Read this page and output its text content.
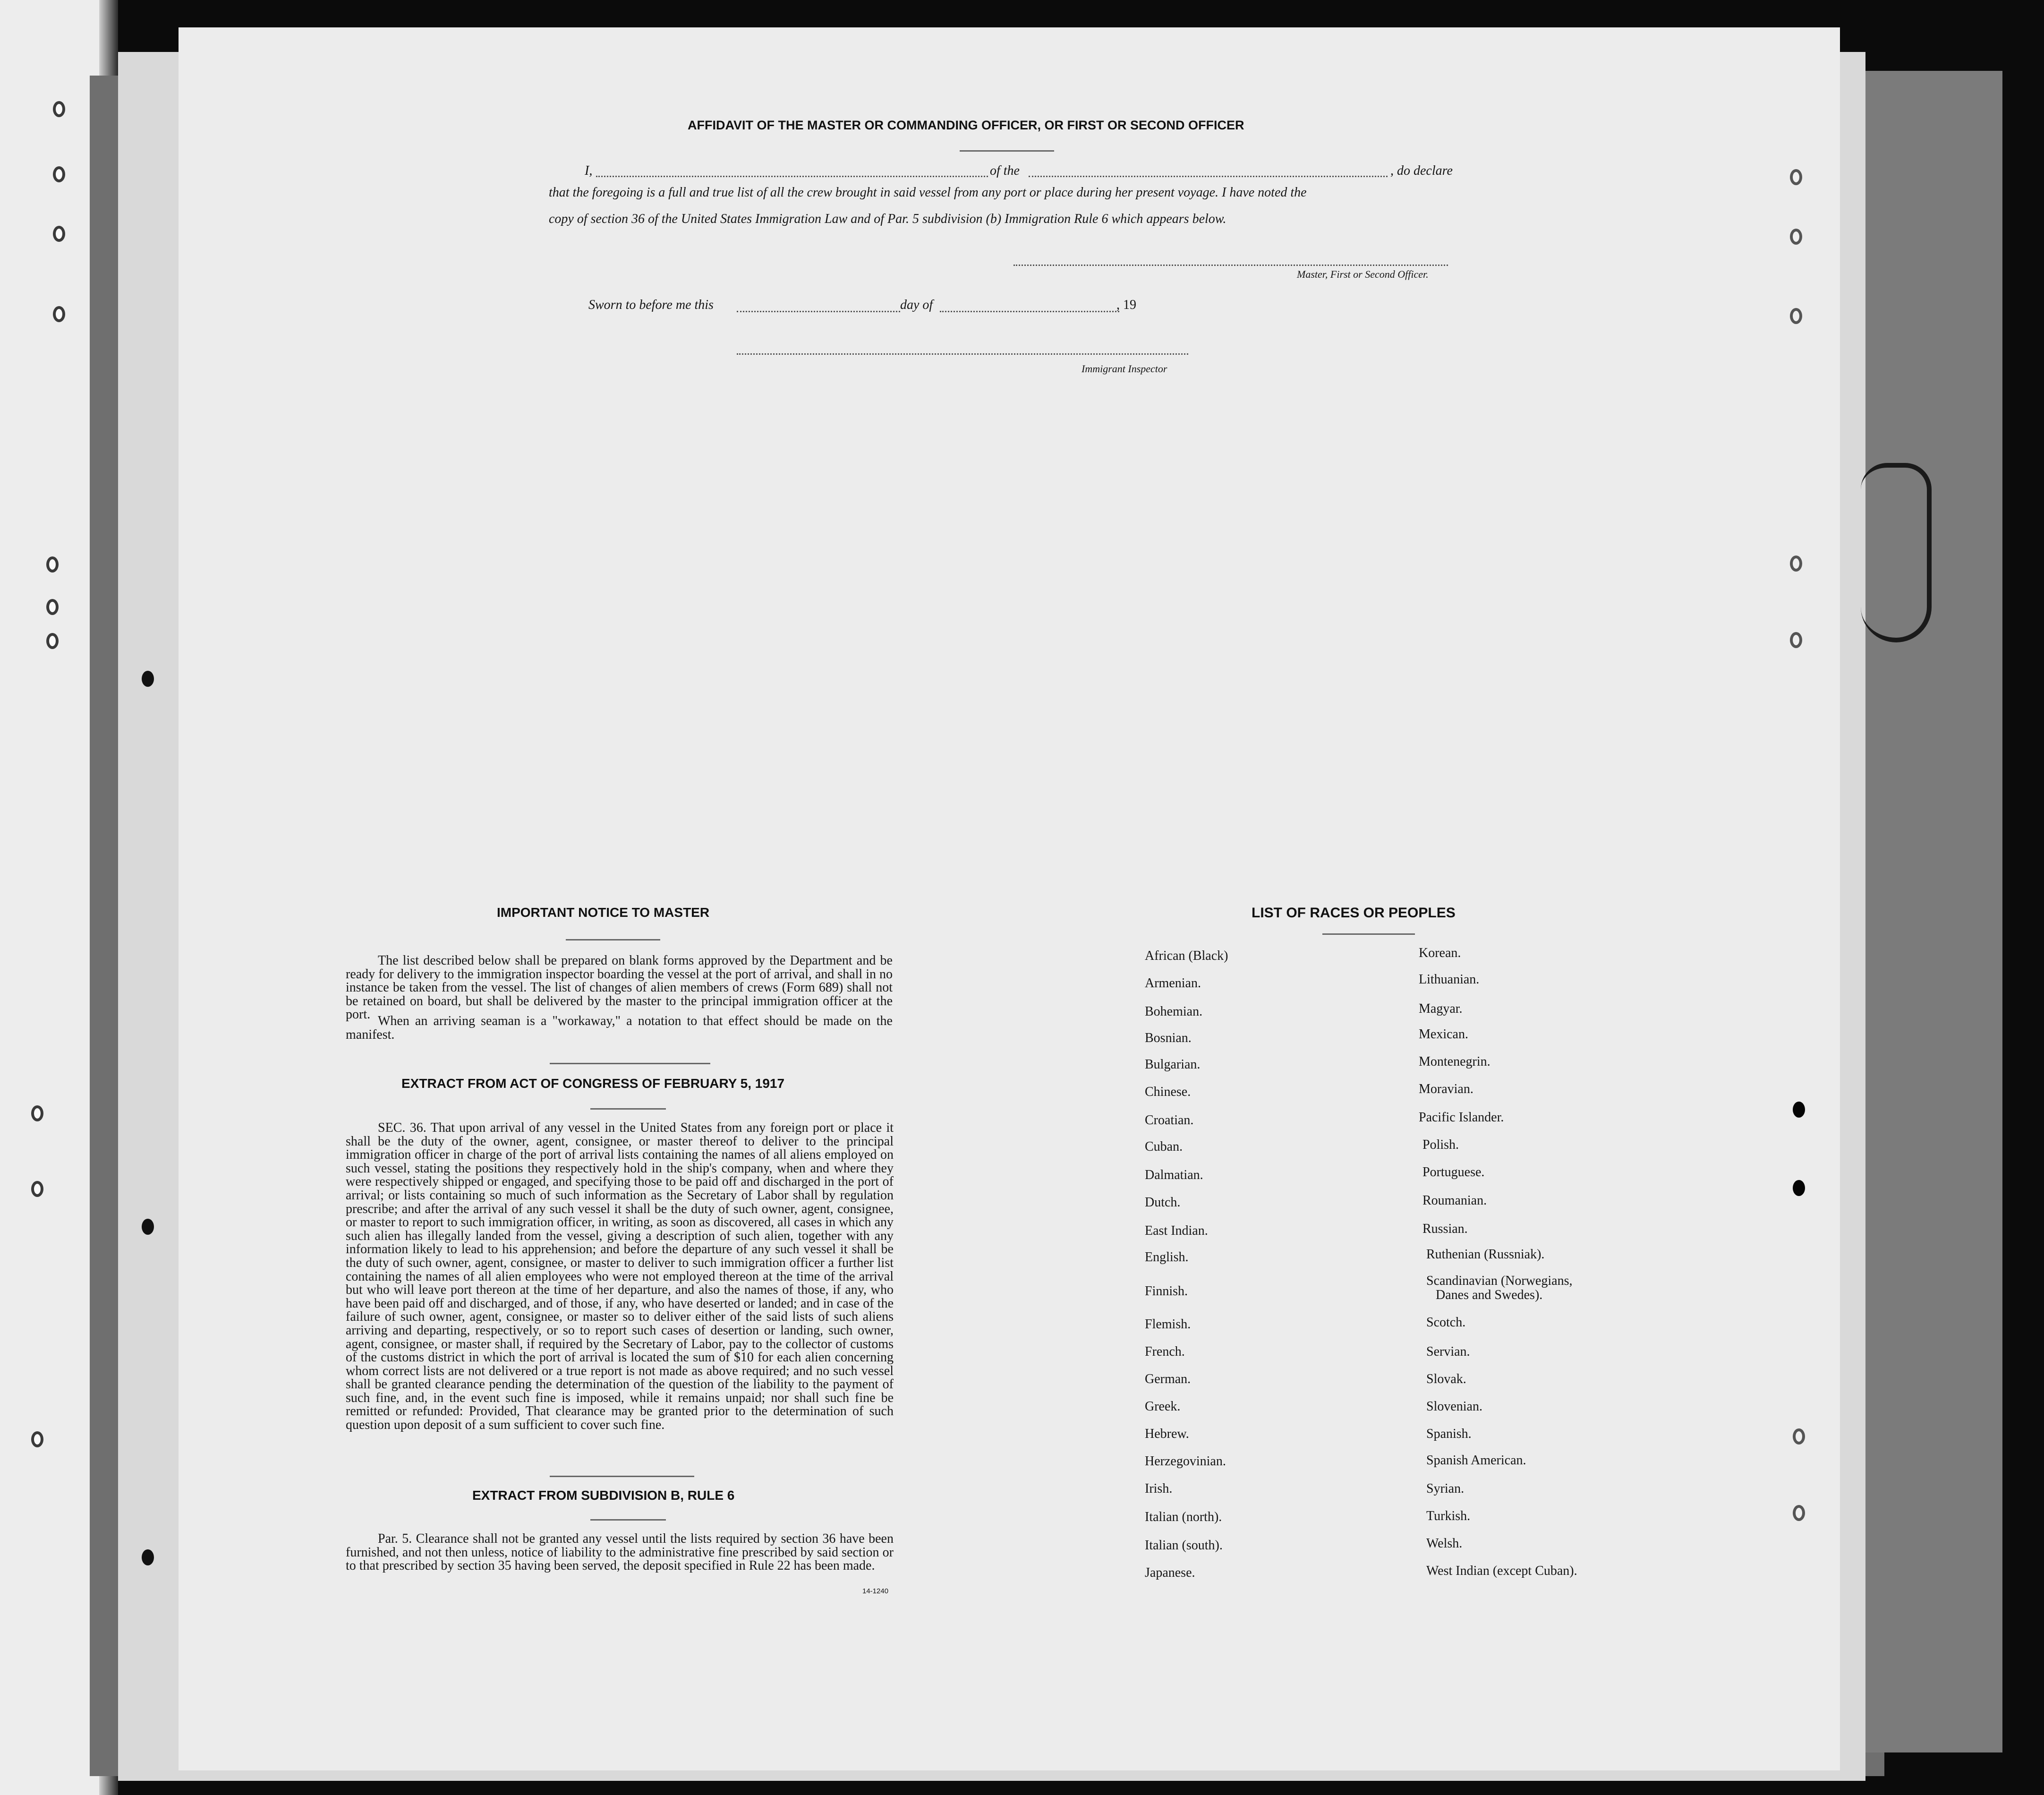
AFFIDAVIT OF THE MASTER OR COMMANDING OFFICER, OR FIRST OR SECOND OFFICER
I,	of the	, do declare
that the foregoing is a full and true list of all the crew brought in said vessel from any port or place during her present voyage. I have noted the
copy of section 36 of the United States Immigration Law and of Par. 5 subdivision (b) Immigration Rule 6 which appears below.
Master, First or Second Officer.
Sworn to before me this	day of	, 19
Immigrant Inspector
IMPORTANT NOTICE TO MASTER
The list described below shall be prepared on blank forms approved by the Department and be ready for delivery to the immigration inspector boarding the vessel at the port of arrival, and shall in no instance be taken from the vessel. The list of changes of alien members of crews (Form 689) shall not be retained on board, but shall be delivered by the master to the principal immigration officer at the port. When an arriving seaman is a "workaway," a notation to that effect should be made on the manifest.
EXTRACT FROM ACT OF CONGRESS OF FEBRUARY 5, 1917
SEC. 36. That upon arrival of any vessel in the United States from any foreign port or place it shall be the duty of the owner, agent, consignee, or master thereof to deliver to the principal immigration officer in charge of the port of arrival lists containing the names of all aliens employed on such vessel, stating the positions they respectively hold in the ship's company, when and where they were respectively shipped or engaged, and specifying those to be paid off and discharged in the port of arrival; or lists containing so much of such information as the Secretary of Labor shall by regulation prescribe; and after the arrival of any such vessel it shall be the duty of such owner, agent, consignee, or master to report to such immigration officer, in writing, as soon as discovered, all cases in which any such alien has illegally landed from the vessel, giving a description of such alien, together with any information likely to lead to his apprehension; and before the departure of any such vessel it shall be the duty of such owner, agent, consignee, or master to deliver to such immigration officer a further list containing the names of all alien employees who were not employed thereon at the time of the arrival but who will leave port thereon at the time of her departure, and also the names of those, if any, who have been paid off and discharged, and of those, if any, who have deserted or landed; and in case of the failure of such owner, agent, consignee, or master so to deliver either of the said lists of such aliens arriving and departing, respectively, or so to report such cases of desertion or landing, such owner, agent, consignee, or master shall, if required by the Secretary of Labor, pay to the collector of customs of the customs district in which the port of arrival is located the sum of $10 for each alien concerning whom correct lists are not delivered or a true report is not made as above required; and no such vessel shall be granted clearance pending the determination of the question of the liability to the payment of such fine, and, in the event such fine is imposed, while it remains unpaid; nor shall such fine be remitted or refunded: Provided, That clearance may be granted prior to the determination of such question upon deposit of a sum sufficient to cover such fine.
EXTRACT FROM SUBDIVISION B, RULE 6
Par. 5. Clearance shall not be granted any vessel until the lists required by section 36 have been furnished, and not then unless, notice of liability to the administrative fine prescribed by said section or to that prescribed by section 35 having been served, the deposit specified in Rule 22 has been made.
14-1240
LIST OF RACES OR PEOPLES
African (Black)
Armenian.
Bohemian.
Bosnian.
Bulgarian.
Chinese.
Croatian.
Cuban.
Dalmatian.
Dutch.
East Indian.
English.
Finnish.
Flemish.
French.
German.
Greek.
Hebrew.
Herzegovinian.
Irish.
Italian (north).
Italian (south).
Japanese.
Korean.
Lithuanian.
Magyar.
Mexican.
Montenegrin.
Moravian.
Pacific Islander.
Polish.
Portuguese.
Roumanian.
Russian.
Ruthenian (Russniak).
Scandinavian (Norwegians,
Danes and Swedes).
Scotch.
Servian.
Slovak.
Slovenian.
Spanish.
Spanish American.
Syrian.
Turkish.
Welsh.
West Indian (except Cuban).
